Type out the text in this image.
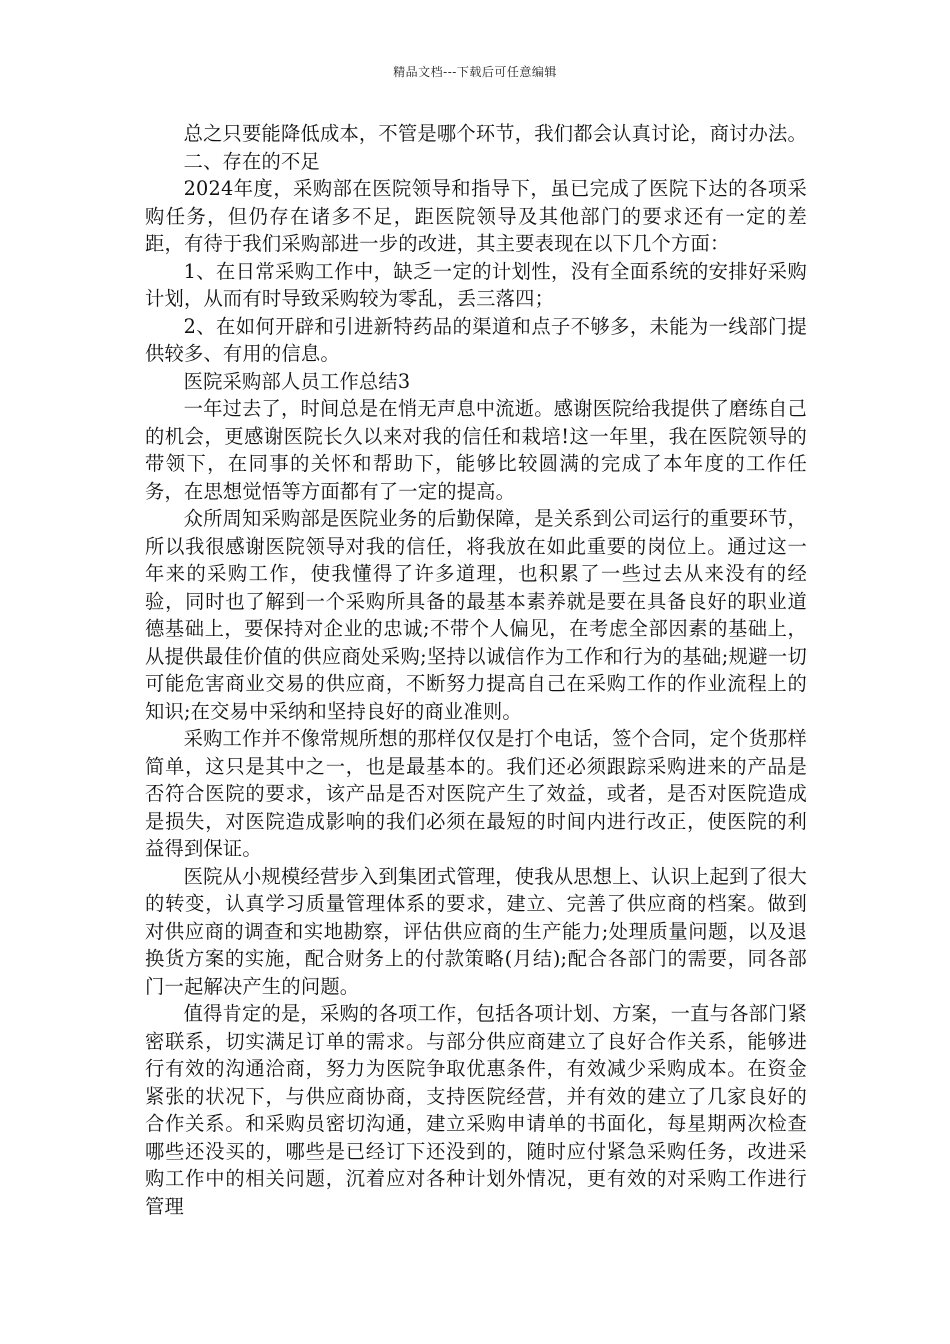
精品文档---下载后可任意编辑

总之只要能降低成本，不管是哪个环节，我们都会认真讨论，商讨办法。

二、存在的不足

2024年度，采购部在医院领导和指导下，虽已完成了医院下达的各项采购任务，但仍存在诸多不足，距医院领导及其他部门的要求还有一定的差距，有待于我们采购部进一步的改进，其主要表现在以下几个方面：

1、在日常采购工作中，缺乏一定的计划性，没有全面系统的安排好采购计划，从而有时导致采购较为零乱，丢三落四；

2、在如何开辟和引进新特药品的渠道和点子不够多，未能为一线部门提供较多、有用的信息。

医院采购部人员工作总结3

一年过去了，时间总是在悄无声息中流逝。感谢医院给我提供了磨练自己的机会，更感谢医院长久以来对我的信任和栽培!这一年里，我在医院领导的带领下，在同事的关怀和帮助下，能够比较圆满的完成了本年度的工作任务，在思想觉悟等方面都有了一定的提高。

众所周知采购部是医院业务的后勤保障，是关系到公司运行的重要环节，所以我很感谢医院领导对我的信任，将我放在如此重要的岗位上。通过这一年来的采购工作，使我懂得了许多道理，也积累了一些过去从来没有的经验，同时也了解到一个采购所具备的最基本素养就是要在具备良好的职业道德基础上，要保持对企业的忠诚;不带个人偏见，在考虑全部因素的基础上，从提供最佳价值的供应商处采购;坚持以诚信作为工作和行为的基础;规避一切可能危害商业交易的供应商，不断努力提高自己在采购工作的作业流程上的知识;在交易中采纳和坚持良好的商业准则。

采购工作并不像常规所想的那样仅仅是打个电话，签个合同，定个货那样简单，这只是其中之一，也是最基本的。我们还必须跟踪采购进来的产品是否符合医院的要求，该产品是否对医院产生了效益，或者，是否对医院造成是损失，对医院造成影响的我们必须在最短的时间内进行改正，使医院的利益得到保证。

医院从小规模经营步入到集团式管理，使我从思想上、认识上起到了很大的转变，认真学习质量管理体系的要求，建立、完善了供应商的档案。做到对供应商的调查和实地勘察，评估供应商的生产能力;处理质量问题，以及退换货方案的实施，配合财务上的付款策略(月结);配合各部门的需要，同各部门一起解决产生的问题。

值得肯定的是，采购的各项工作，包括各项计划、方案，一直与各部门紧密联系，切实满足订单的需求。与部分供应商建立了良好合作关系，能够进行有效的沟通洽商，努力为医院争取优惠条件，有效减少采购成本。在资金紧张的状况下，与供应商协商，支持医院经营，并有效的建立了几家良好的合作关系。和采购员密切沟通，建立采购申请单的书面化，每星期两次检查哪些还没买的，哪些是已经订下还没到的，随时应付紧急采购任务，改进采购工作中的相关问题，沉着应对各种计划外情况，更有效的对采购工作进行管理
